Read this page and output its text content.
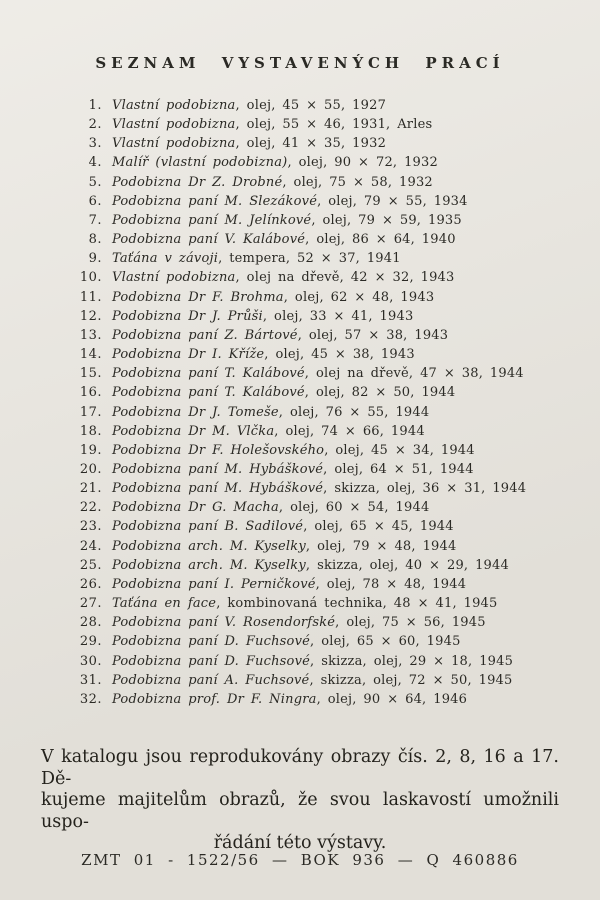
SEZNAM VYSTAVENÝCH PRACÍ
1. Vlastní podobizna, olej, 45 × 55, 1927
2. Vlastní podobizna, olej, 55 × 46, 1931, Arles
3. Vlastní podobizna, olej, 41 × 35, 1932
4. Malíř (vlastní podobizna), olej, 90 × 72, 1932
5. Podobizna Dr Z. Drobné, olej, 75 × 58, 1932
6. Podobizna paní M. Slezákové, olej, 79 × 55, 1934
7. Podobizna paní M. Jelínkové, olej, 79 × 59, 1935
8. Podobizna paní V. Kalábové, olej, 86 × 64, 1940
9. Taťána v závoji, tempera, 52 × 37, 1941
10. Vlastní podobizna, olej na dřevě, 42 × 32, 1943
11. Podobizna Dr F. Brohma, olej, 62 × 48, 1943
12. Podobizna Dr J. Průši, olej, 33 × 41, 1943
13. Podobizna paní Z. Bártové, olej, 57 × 38, 1943
14. Podobizna Dr I. Kříže, olej, 45 × 38, 1943
15. Podobizna paní T. Kalábové, olej na dřevě, 47 × 38, 1944
16. Podobizna paní T. Kalábové, olej, 82 × 50, 1944
17. Podobizna Dr J. Tomeše, olej, 76 × 55, 1944
18. Podobizna Dr M. Vlčka, olej, 74 × 66, 1944
19. Podobizna Dr F. Holešovského, olej, 45 × 34, 1944
20. Podobizna paní M. Hybáškové, olej, 64 × 51, 1944
21. Podobizna paní M. Hybáškové, skizza, olej, 36 × 31, 1944
22. Podobizna Dr G. Macha, olej, 60 × 54, 1944
23. Podobizna paní B. Sadilové, olej, 65 × 45, 1944
24. Podobizna arch. M. Kyselky, olej, 79 × 48, 1944
25. Podobizna arch. M. Kyselky, skizza, olej, 40 × 29, 1944
26. Podobizna paní I. Perničkové, olej, 78 × 48, 1944
27. Taťána en face, kombinovaná technika, 48 × 41, 1945
28. Podobizna paní V. Rosendorfské, olej, 75 × 56, 1945
29. Podobizna paní D. Fuchsové, olej, 65 × 60, 1945
30. Podobizna paní D. Fuchsové, skizza, olej, 29 × 18, 1945
31. Podobizna paní A. Fuchsové, skizza, olej, 72 × 50, 1945
32. Podobizna prof. Dr F. Ningra, olej, 90 × 64, 1946
V katalogu jsou reprodukovány obrazy čís. 2, 8, 16 a 17. Dě-
kujeme majitelům obrazů, že svou laskavostí umožnili uspo-
řádání této výstavy.
ZMT 01 - 1522/56 — BOK 936 — Q 460886
